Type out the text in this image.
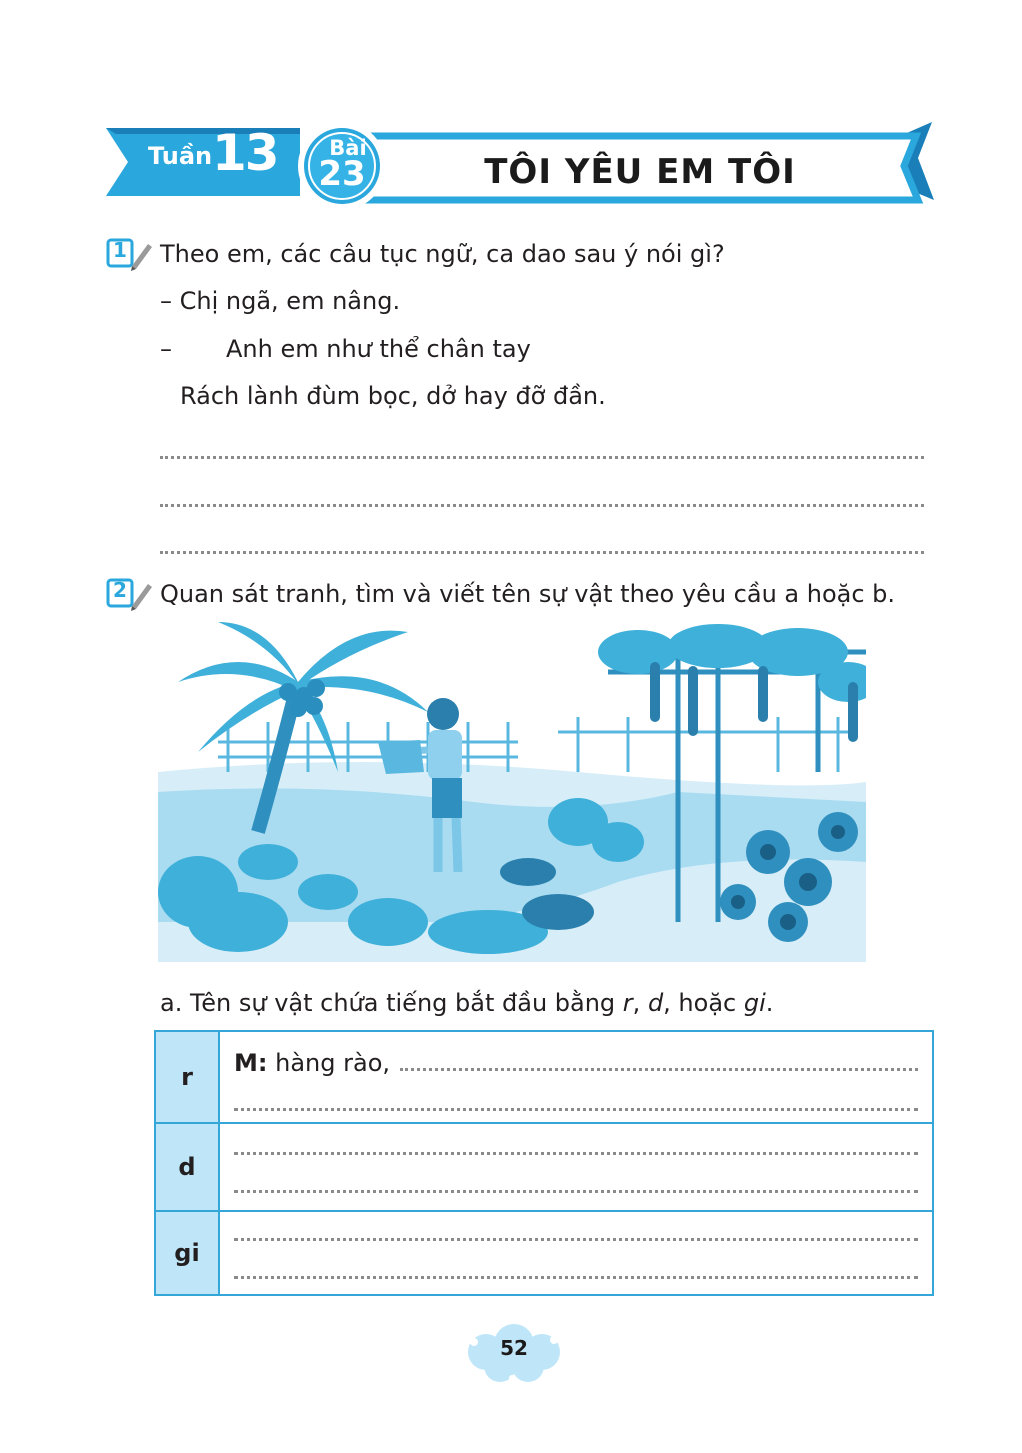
Tuần 13	Bài
23	TÔI YÊU EM TÔI
1 Theo em, các câu tục ngữ, ca dao sau ý nói gì?
– Chị ngã, em nâng.
– Anh em như thể chân tay
Rách lành đùm bọc, dở hay đỡ đần.
2 Quan sát tranh, tìm và viết tên sự vật theo yêu cầu a hoặc b.
a. Tên sự vật chứa tiếng bắt đầu bằng r, d, hoặc gi.
r	M: hàng rào,
d
gi
52
